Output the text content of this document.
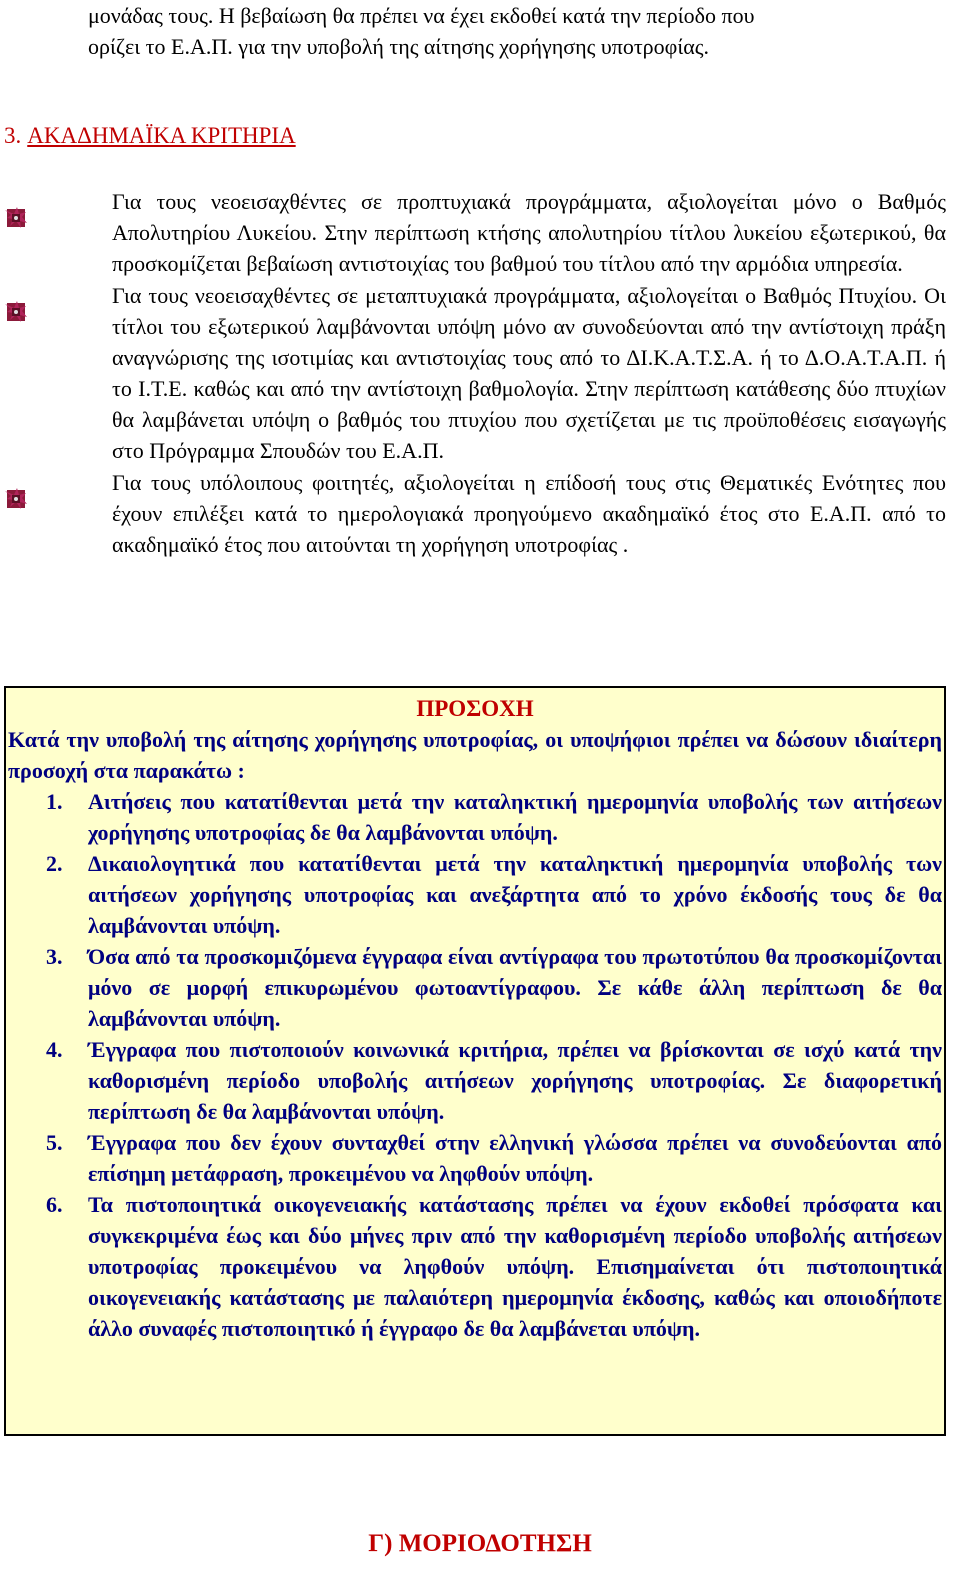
μονάδας τους. Η βεβαίωση θα πρέπει να έχει εκδοθεί κατά την περίοδο που

ορίζει το Ε.Α.Π. για την υποβολή της αίτησης χορήγησης υποτροφίας.

3. ΑΚΑΔΗΜΑΪΚΑ ΚΡΙΤΗΡΙΑ

Για τους νεοεισαχθέντες σε προπτυχιακά προγράμματα, αξιολογείται μόνο ο Βαθμός Απολυτηρίου Λυκείου. Στην περίπτωση κτήσης απολυτηρίου τίτλου λυκείου εξωτερικού, θα προσκομίζεται βεβαίωση αντιστοιχίας του βαθμού του τίτλου από την αρμόδια υπηρεσία.

Για τους νεοεισαχθέντες σε μεταπτυχιακά προγράμματα, αξιολογείται ο Βαθμός Πτυχίου. Οι τίτλοι του εξωτερικού λαμβάνονται υπόψη μόνο αν συνοδεύονται από την αντίστοιχη πράξη αναγνώρισης της ισοτιμίας και αντιστοιχίας τους από το ΔΙ.Κ.Α.Τ.Σ.Α. ή το Δ.Ο.Α.Τ.Α.Π. ή το Ι.Τ.Ε. καθώς και από την αντίστοιχη βαθμολογία. Στην περίπτωση κατάθεσης δύο πτυχίων θα λαμβάνεται υπόψη ο βαθμός του πτυχίου που σχετίζεται με τις προϋποθέσεις εισαγωγής στο Πρόγραμμα Σπουδών του Ε.Α.Π.

Για τους υπόλοιπους φοιτητές, αξιολογείται η επίδοσή τους στις Θεματικές Ενότητες που έχουν επιλέξει κατά το ημερολογιακά προηγούμενο ακαδημαϊκό έτος στο Ε.Α.Π. από το ακαδημαϊκό έτος που αιτούνται τη χορήγηση υποτροφίας .

ΠΡΟΣΟΧΗ
Κατά την υποβολή της αίτησης χορήγησης υποτροφίας, οι υποψήφιοι πρέπει να δώσουν ιδιαίτερη προσοχή στα παρακάτω :
1. Αιτήσεις που κατατίθενται μετά την καταληκτική ημερομηνία υποβολής των αιτήσεων χορήγησης υποτροφίας δε θα λαμβάνονται υπόψη.
2. Δικαιολογητικά που κατατίθενται μετά την καταληκτική ημερομηνία υποβολής των αιτήσεων χορήγησης υποτροφίας και ανεξάρτητα από το χρόνο έκδοσής τους δε θα λαμβάνονται υπόψη.
3. Όσα από τα προσκομιζόμενα έγγραφα είναι αντίγραφα του πρωτοτύπου θα προσκομίζονται μόνο σε μορφή επικυρωμένου φωτοαντίγραφου. Σε κάθε άλλη περίπτωση δε θα λαμβάνονται υπόψη.
4. Έγγραφα που πιστοποιούν κοινωνικά κριτήρια, πρέπει να βρίσκονται σε ισχύ κατά την καθορισμένη περίοδο υποβολής αιτήσεων χορήγησης υποτροφίας. Σε διαφορετική περίπτωση δε θα λαμβάνονται υπόψη.
5. Έγγραφα που δεν έχουν συνταχθεί στην ελληνική γλώσσα πρέπει να συνοδεύονται από επίσημη μετάφραση, προκειμένου να ληφθούν υπόψη.
6. Τα πιστοποιητικά οικογενειακής κατάστασης πρέπει να έχουν εκδοθεί πρόσφατα και συγκεκριμένα έως και δύο μήνες πριν από την καθορισμένη περίοδο υποβολής αιτήσεων υποτροφίας προκειμένου να ληφθούν υπόψη. Επισημαίνεται ότι πιστοποιητικά οικογενειακής κατάστασης με παλαιότερη ημερομηνία έκδοσης, καθώς και οποιοδήποτε άλλο συναφές πιστοποιητικό ή έγγραφο δε θα λαμβάνεται υπόψη.
Γ) ΜΟΡΙΟΔΟΤΗΣΗ
